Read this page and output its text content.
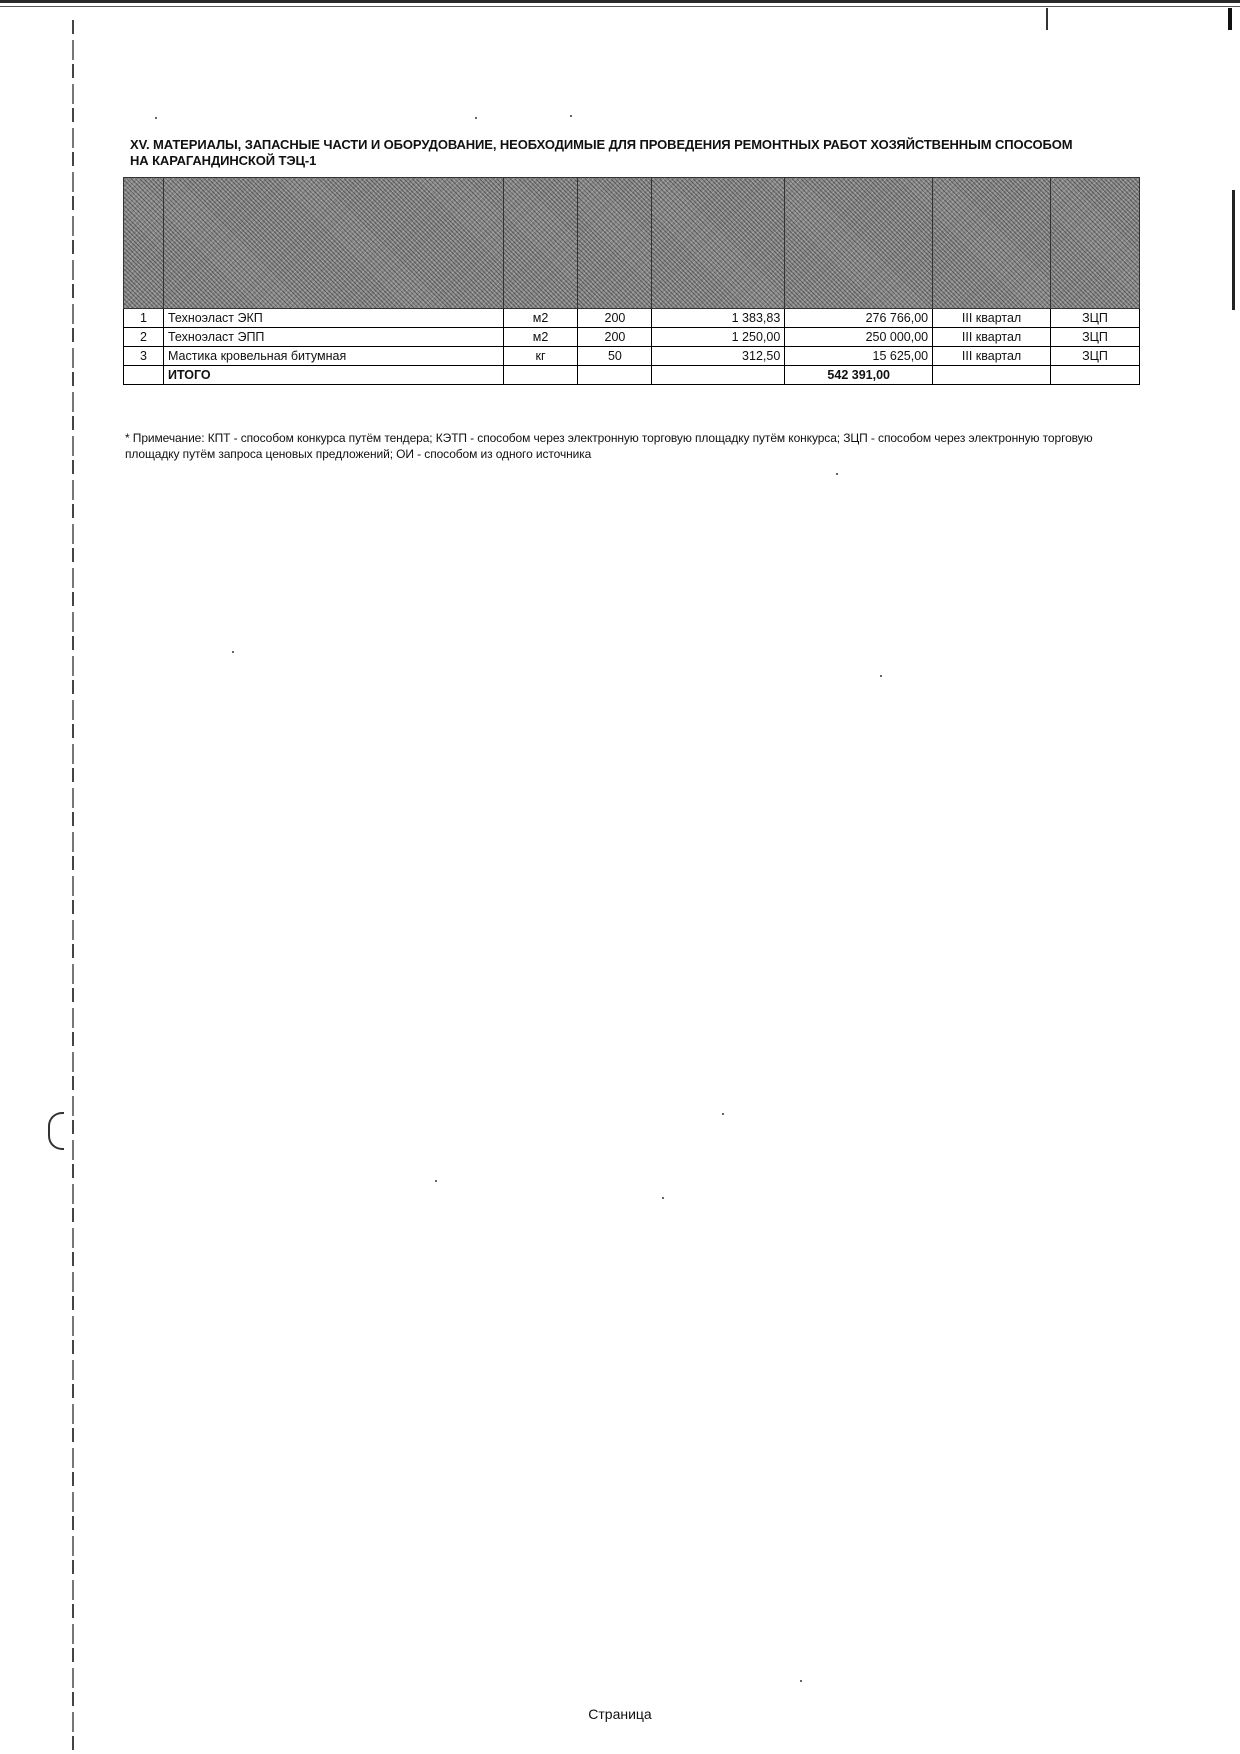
XV. МАТЕРИАЛЫ, ЗАПАСНЫЕ ЧАСТИ И ОБОРУДОВАНИЕ, НЕОБХОДИМЫЕ ДЛЯ ПРОВЕДЕНИЯ РЕМОНТНЫХ РАБОТ ХОЗЯЙСТВЕННЫМ СПОСОБОМ НА КАРАГАНДИНСКОЙ ТЭЦ-1

1	Техноэласт ЭКП	м2	200	1 383,83	276 766,00	III квартал	ЗЦП
2	Техноэласт ЭПП	м2	200	1 250,00	250 000,00	III квартал	ЗЦП
3	Мастика кровельная битумная	кг	50	312,50	15 625,00	III квартал	ЗЦП
	ИТОГО				542 391,00		
* Примечание: КПТ - способом конкурса путём тендера; КЭТП - способом через электронную торговую площадку путём конкурса; ЗЦП - способом через электронную торговую площадку путём запроса ценовых предложений; ОИ - способом из одного источника
Страница
